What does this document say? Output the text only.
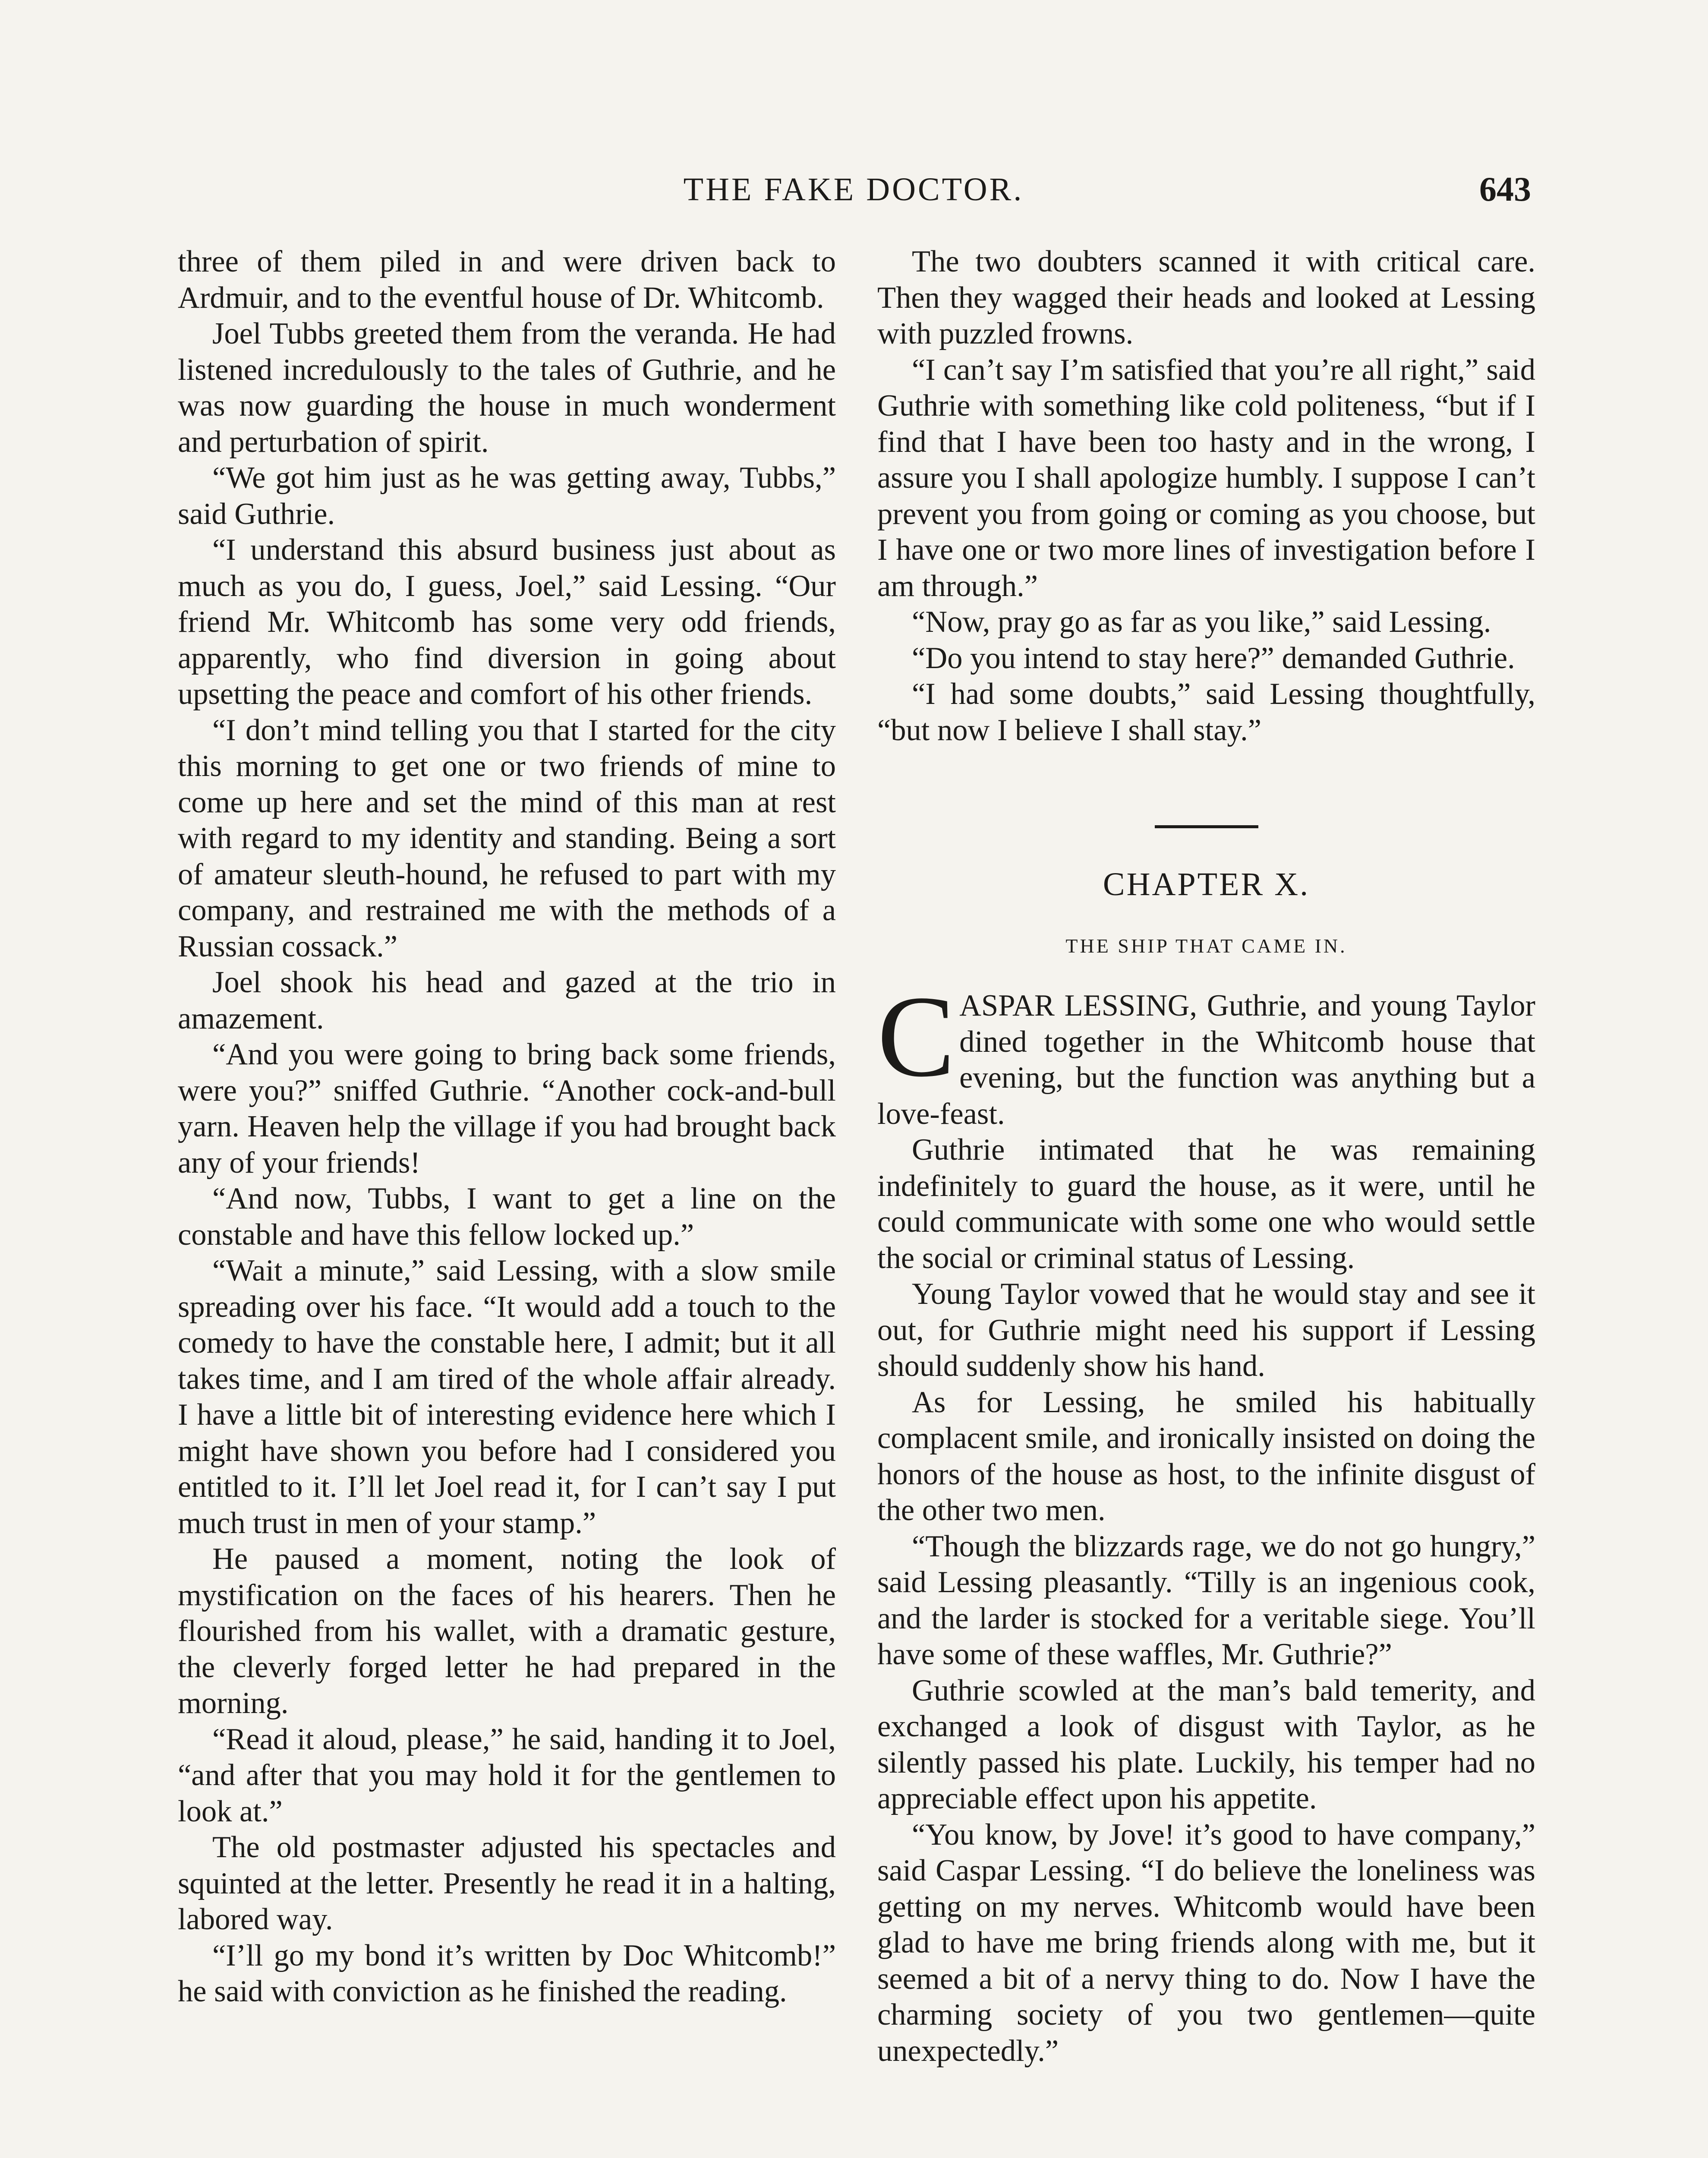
THE FAKE DOCTOR.	643

three of them piled in and were driven back to Ardmuir, and to the eventful house of Dr. Whitcomb.

Joel Tubbs greeted them from the veranda. He had listened incredulously to the tales of Guthrie, and he was now guarding the house in much wonderment and perturbation of spirit.

“We got him just as he was getting away, Tubbs,” said Guthrie.

“I understand this absurd business just about as much as you do, I guess, Joel,” said Lessing. “Our friend Mr. Whitcomb has some very odd friends, apparently, who find diversion in going about upsetting the peace and comfort of his other friends.

“I don’t mind telling you that I started for the city this morning to get one or two friends of mine to come up here and set the mind of this man at rest with regard to my identity and standing. Being a sort of amateur sleuth-hound, he refused to part with my company, and restrained me with the methods of a Russian cossack.”

Joel shook his head and gazed at the trio in amazement.

“And you were going to bring back some friends, were you?” sniffed Guthrie. “Another cock-and-bull yarn. Heaven help the village if you had brought back any of your friends!

“And now, Tubbs, I want to get a line on the constable and have this fellow locked up.”

“Wait a minute,” said Lessing, with a slow smile spreading over his face. “It would add a touch to the comedy to have the constable here, I admit; but it all takes time, and I am tired of the whole affair already. I have a little bit of interesting evidence here which I might have shown you before had I considered you entitled to it. I’ll let Joel read it, for I can’t say I put much trust in men of your stamp.”

He paused a moment, noting the look of mystification on the faces of his hearers. Then he flourished from his wallet, with a dramatic gesture, the cleverly forged letter he had prepared in the morning.

“Read it aloud, please,” he said, handing it to Joel, “and after that you may hold it for the gentlemen to look at.”

The old postmaster adjusted his spectacles and squinted at the letter. Presently he read it in a halting, labored way.

“I’ll go my bond it’s written by Doc Whitcomb!” he said with conviction as he finished the reading.

The two doubters scanned it with critical care. Then they wagged their heads and looked at Lessing with puzzled frowns.

“I can’t say I’m satisfied that you’re all right,” said Guthrie with something like cold politeness, “but if I find that I have been too hasty and in the wrong, I assure you I shall apologize humbly. I suppose I can’t prevent you from going or coming as you choose, but I have one or two more lines of investigation before I am through.”

“Now, pray go as far as you like,” said Lessing.

“Do you intend to stay here?” demanded Guthrie.

“I had some doubts,” said Lessing thoughtfully, “but now I believe I shall stay.”

CHAPTER X.
THE SHIP THAT CAME IN.

CASPAR LESSING, Guthrie, and young Taylor dined together in the Whitcomb house that evening, but the function was anything but a love-feast.

Guthrie intimated that he was remaining indefinitely to guard the house, as it were, until he could communicate with some one who would settle the social or criminal status of Lessing.

Young Taylor vowed that he would stay and see it out, for Guthrie might need his support if Lessing should suddenly show his hand.

As for Lessing, he smiled his habitually complacent smile, and ironically insisted on doing the honors of the house as host, to the infinite disgust of the other two men.

“Though the blizzards rage, we do not go hungry,” said Lessing pleasantly. “Tilly is an ingenious cook, and the larder is stocked for a veritable siege. You’ll have some of these waffles, Mr. Guthrie?”

Guthrie scowled at the man’s bald temerity, and exchanged a look of disgust with Taylor, as he silently passed his plate. Luckily, his temper had no appreciable effect upon his appetite.

“You know, by Jove! it’s good to have company,” said Caspar Lessing. “I do believe the loneliness was getting on my nerves. Whitcomb would have been glad to have me bring friends along with me, but it seemed a bit of a nervy thing to do. Now I have the charming society of you two gentlemen—quite unexpectedly.”
